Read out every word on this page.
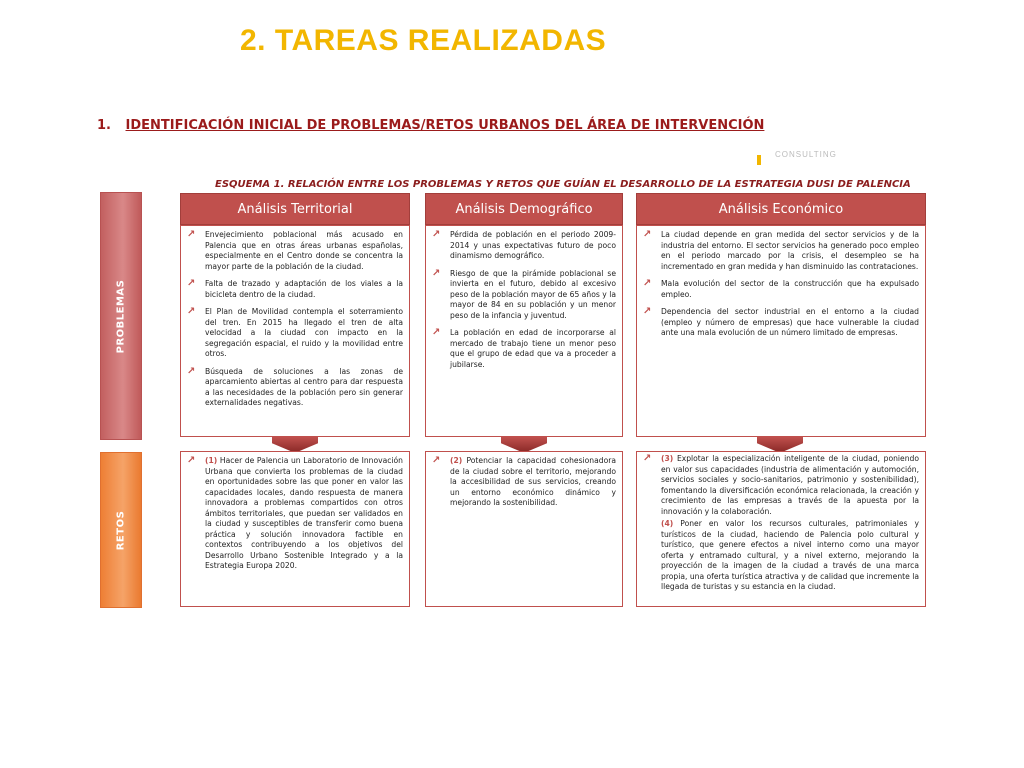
2. TAREAS REALIZADAS
1. IDENTIFICACIÓN INICIAL DE PROBLEMAS/RETOS URBANOS DEL ÁREA DE INTERVENCIÓN
CONSULTING
ESQUEMA 1. RELACIÓN ENTRE LOS PROBLEMAS Y RETOS QUE GUÍAN EL DESARROLLO DE LA ESTRATEGIA DUSI DE PALENCIA
PROBLEMAS
RETOS
Análisis Territorial	Análisis Demográfico	Análisis Económico
↗	Envejecimiento poblacional más acusado en Palencia que en otras áreas urbanas españolas, especialmente en el Centro donde se concentra la mayor parte de la población de la ciudad.
↗	Falta de trazado y adaptación de los viales a la bicicleta dentro de la ciudad.
↗	El Plan de Movilidad contempla el soterramiento del tren. En 2015 ha llegado el tren de alta velocidad a la ciudad con impacto en la segregación espacial, el ruido y la movilidad entre otros.
↗	Búsqueda de soluciones a las zonas de aparcamiento abiertas al centro para dar respuesta a las necesidades de la población pero sin generar externalidades negativas.
↗	Pérdida de población en el periodo 2009-2014 y unas expectativas futuro de poco dinamismo demográfico.
↗	Riesgo de que la pirámide poblacional se invierta en el futuro, debido al excesivo peso de la población mayor de 65 años y la mayor de 84 en su población y un menor peso de la infancia y juventud.
↗	La población en edad de incorporarse al mercado de trabajo tiene un menor peso que el grupo de edad que va a proceder a jubilarse.
↗	La ciudad depende en gran medida del sector servicios y de la industria del entorno. El sector servicios ha generado poco empleo en el periodo marcado por la crisis, el desempleo se ha incrementado en gran medida y han disminuido las contrataciones.
↗	Mala evolución del sector de la construcción que ha expulsado empleo.
↗	Dependencia del sector industrial en el entorno a la ciudad (empleo y número de empresas) que hace vulnerable la ciudad ante una mala evolución de un número limitado de empresas.
↗	(1) Hacer de Palencia un Laboratorio de Innovación Urbana que convierta los problemas de la ciudad en oportunidades sobre las que poner en valor las capacidades locales, dando respuesta de manera innovadora a problemas compartidos con otros ámbitos territoriales, que puedan ser validados en la ciudad y susceptibles de transferir como buena práctica y solución innovadora factible en contextos contribuyendo a los objetivos del Desarrollo Urbano Sostenible Integrado y a la Estrategia Europa 2020.
↗	(2) Potenciar la capacidad cohesionadora de la ciudad sobre el territorio, mejorando la accesibilidad de sus servicios, creando un entorno económico dinámico y mejorando la sostenibilidad.
↗	(3) Explotar la especialización inteligente de la ciudad, poniendo en valor sus capacidades (industria de alimentación y automoción, servicios sociales y socio-sanitarios, patrimonio y sostenibilidad), fomentando la diversificación económica relacionada, la creación y crecimiento de las empresas a través de la apuesta por la innovación y la colaboración.
(4) Poner en valor los recursos culturales, patrimoniales y turísticos de la ciudad, haciendo de Palencia polo cultural y turístico, que genere efectos a nivel interno como una mayor oferta y entramado cultural, y a nivel externo, mejorando la proyección de la imagen de la ciudad a través de una marca propia, una oferta turística atractiva y de calidad que incremente la llegada de turistas y su estancia en la ciudad.
